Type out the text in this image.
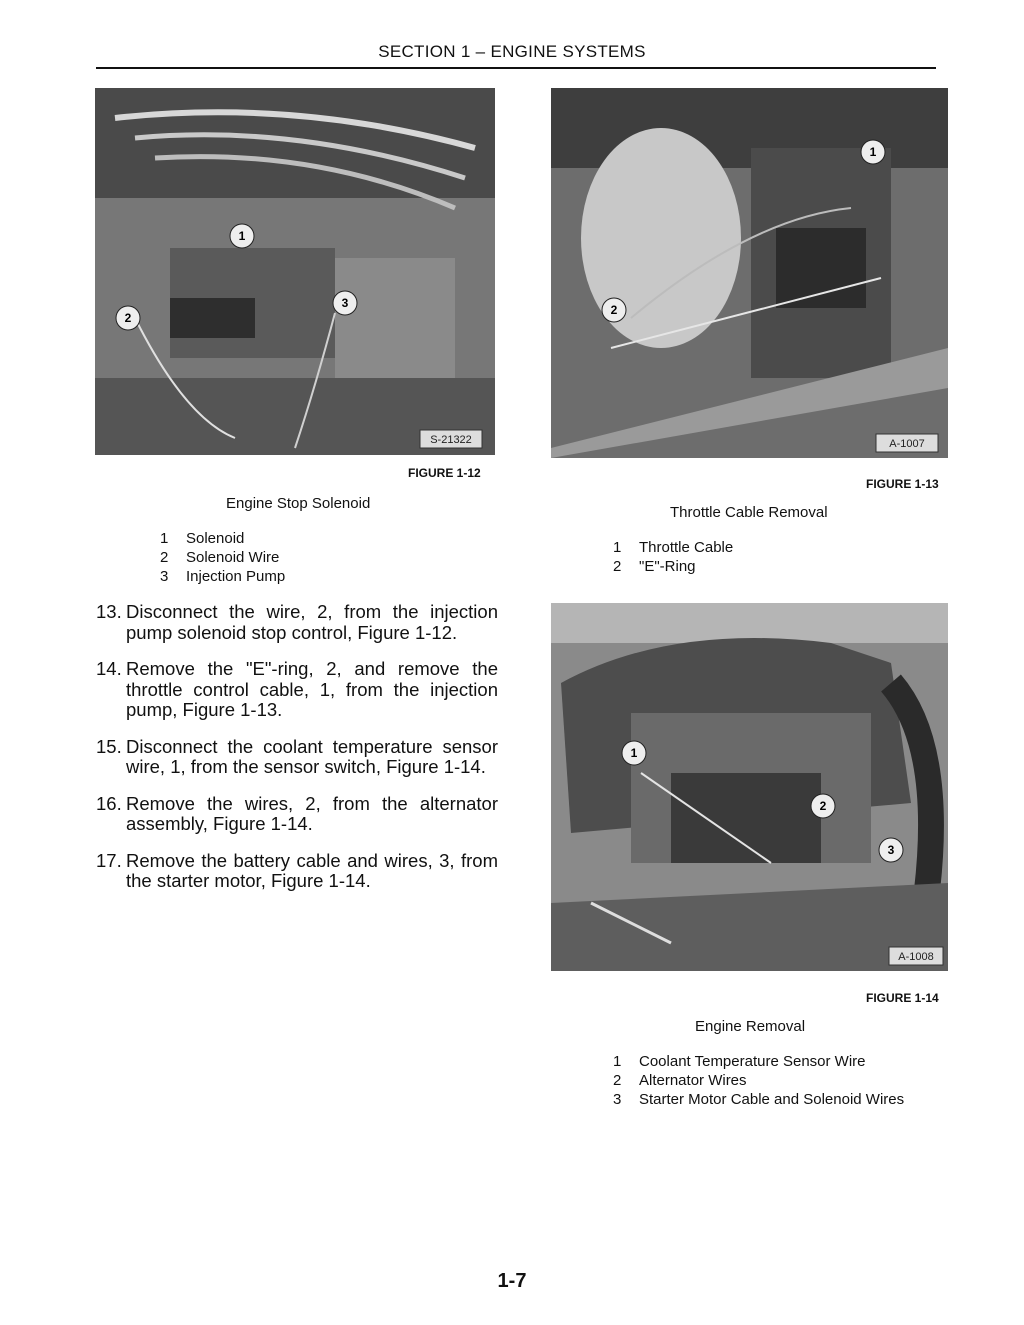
SECTION 1 – ENGINE SYSTEMS
1
2
3
S-21322
1
2
A-1007
FIGURE 1-12
Engine Stop Solenoid
1	Solenoid
2	Solenoid Wire
3	Injection Pump
FIGURE 1-13
Throttle Cable Removal
1	Throttle Cable
2	"E"-Ring
13. Disconnect the wire, 2, from the injection pump solenoid stop control, Figure 1-12.
14. Remove the "E"-ring, 2, and remove the throttle control cable, 1, from the injection pump, Figure 1-13.
15. Disconnect the coolant temperature sensor wire, 1, from the sensor switch, Figure 1-14.
16. Remove the wires, 2, from the alternator assembly, Figure 1-14.
17. Remove the battery cable and wires, 3, from the starter motor, Figure 1-14.
1
2
3
A-1008
FIGURE 1-14
Engine Removal
1	Coolant Temperature Sensor Wire
2	Alternator Wires
3	Starter Motor Cable and Solenoid Wires
1-7
